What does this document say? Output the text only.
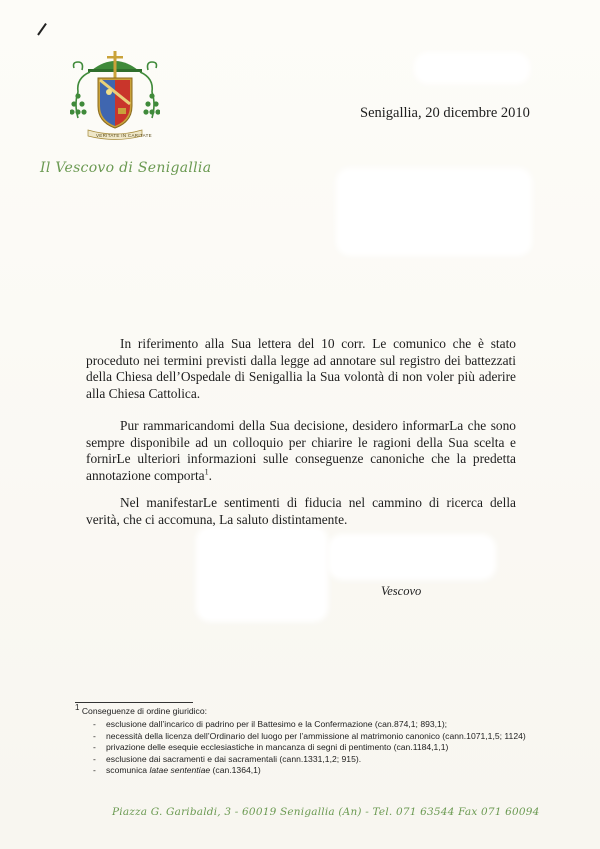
VERITATE IN CARITATE
Il Vescovo di Senigallia
Senigallia, 20 dicembre 2010

In riferimento alla Sua lettera del 10 corr. Le comunico che è stato proceduto nei termini previsti dalla legge ad annotare sul registro dei battezzati della Chiesa dell’Ospedale di Senigallia la Sua volontà di non voler più aderire alla Chiesa Cattolica.

Pur rammaricandomi della Sua decisione, desidero informarLa che sono sempre disponibile ad un colloquio per chiarire le ragioni della Sua scelta e fornirLe ulteriori informazioni sulle conseguenze canoniche che la predetta annotazione comporta$^1$.

Nel manifestarLe sentimenti di fiducia nel cammino di ricerca della verità, che ci accomuna, La saluto distintamente.

Vescovo
$^1$ Conseguenze di ordine giuridico:
- esclusione dall’incarico di padrino per il Battesimo e la Confermazione (can.874,1; 893,1);
- necessità della licenza dell’Ordinario del luogo per l’ammissione al matrimonio canonico (cann.1071,1,5; 1124)
- privazione delle esequie ecclesiastiche in mancanza di segni di pentimento (can.1184,1,1)
- esclusione dai sacramenti e dai sacramentali (cann.1331,1,2; 915).
- scomunica latae sententiae (can.1364,1)
Piazza G. Garibaldi, 3 - 60019 Senigallia (An) - Tel. 071 63544 Fax 071 60094
